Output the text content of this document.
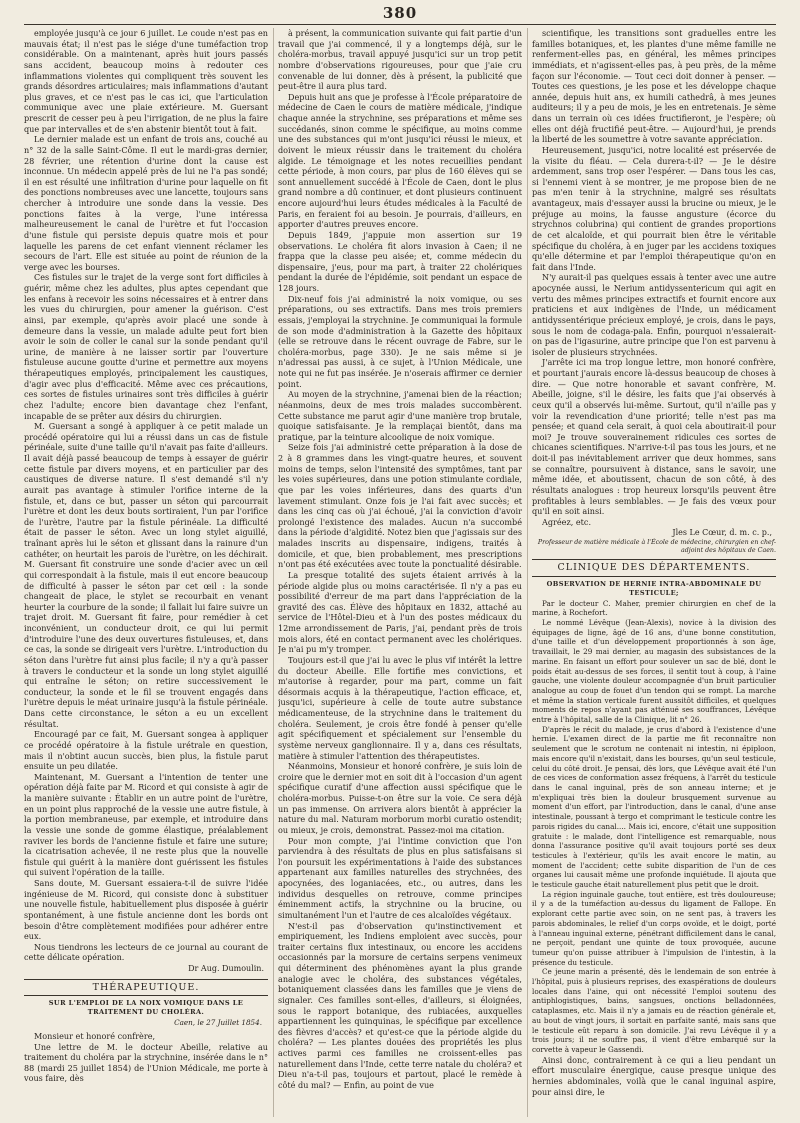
380

employée jusqu'à ce jour 6 juillet. Le coude n'est pas en mauvais état; il n'est pas le siége d'une tuméfaction trop considérable. On a maintenant, après huit jours passés sans accident, beaucoup moins à redouter ces inflammations violentes qui compliquent très souvent les grands désordres articulaires; mais inflammations d'autant plus graves, et ce n'est pas le cas ici, que l'articulation communique avec une plaie extérieure. M. Guersant prescrit de cesser peu à peu l'irrigation, de ne plus la faire que par intervalles et de s'en abstenir bientôt tout à fait.

Le dernier malade est un enfant de trois ans, couché au n° 32 de la salle Saint-Côme. Il eut le mardi-gras dernier, 28 février, une rétention d'urine dont la cause est inconnue. Un médecin appelé près de lui ne l'a pas sondé; il en est résulté une infiltration d'urine pour laquelle on fit des ponctions nombreuses avec une lancette, toujours sans chercher à introduire une sonde dans la vessie. Des ponctions faites à la verge, l'une intéressa malheureusement le canal de l'urètre et fut l'occasion d'une fistule qui persiste depuis quatre mois et pour laquelle les parens de cet enfant viennent réclamer les secours de l'art. Elle est située au point de réunion de la verge avec les bourses.

Ces fistules sur le trajet de la verge sont fort difficiles à guérir, même chez les adultes, plus aptes cependant que les enfans à recevoir les soins nécessaires et à entrer dans les vues du chirurgien, pour amener la guérison. C'est ainsi, par exemple, qu'après avoir placé une sonde à demeure dans la vessie, un malade adulte peut fort bien avoir le soin de coller le canal sur la sonde pendant qu'il urine, de manière à ne laisser sortir par l'ouverture fistuleuse aucune goutte d'urine et permettre aux moyens thérapeutiques employés, principalement les caustiques, d'agir avec plus d'efficacité. Même avec ces précautions, ces sortes de fistules urinaires sont très difficiles à guérir chez l'adulte; encore bien davantage chez l'enfant, incapable de se prêter aux désirs du chirurgien.

M. Guersant a songé à appliquer à ce petit malade un procédé opératoire qui lui a réussi dans un cas de fistule périnéale, suite d'une taille qu'il n'avait pas faite d'ailleurs. Il avait déjà passé beaucoup de temps à essayer de guérir cette fistule par divers moyens, et en particulier par des caustiques de diverse nature. Il s'est demandé s'il n'y aurait pas avantage à stimuler l'orifice interne de la fistule, et, dans ce but, passer un séton qui parcourrait l'urètre et dont les deux bouts sortiraient, l'un par l'orifice de l'urètre, l'autre par la fistule périnéale. La difficulté était de passer le séton. Avec un long stylet aiguillé, traînant après lui le séton et glissant dans la rainure d'un cathéter, on heurtait les parois de l'urètre, on les déchirait. M. Guersant fit construire une sonde d'acier avec un œil qui correspondait à la fistule, mais il eut encore beaucoup de difficulté à passer le séton par cet œil : la sonde changeait de place, le stylet se recourbait en venant heurter la courbure de la sonde; il fallait lui faire suivre un trajet droit. M. Guersant fit faire, pour remédier à cet inconvénient, un conducteur droit, ce qui lui permit d'introduire l'une des deux ouvertures fistuleuses, et, dans ce cas, la sonde se dirigeait vers l'urètre. L'introduction du séton dans l'urètre fut ainsi plus facile; il n'y a qu'à passer à travers le conducteur et la sonde un long stylet aiguillé qui entraîne le séton; on retire successivement le conducteur, la sonde et le fil se trouvent engagés dans l'urètre depuis le méat urinaire jusqu'à la fistule périnéale. Dans cette circonstance, le séton a eu un excellent résultat.

Encouragé par ce fait, M. Guersant songea à appliquer ce procédé opératoire à la fistule urétrale en question, mais il n'obtint aucun succès, bien plus, la fistule parut ensuite un peu dilatée.

Maintenant, M. Guersant a l'intention de tenter une opération déjà faite par M. Ricord et qui consiste à agir de la manière suivante : Établir en un autre point de l'urètre, en un point plus rapproché de la vessie une autre fistule, à la portion membraneuse, par exemple, et introduire dans la vessie une sonde de gomme élastique, préalablement raviver les bords de l'ancienne fistule et faire une suture; la cicatrisation achevée, il ne reste plus que la nouvelle fistule qui guérit à la manière dont guérissent les fistules qui suivent l'opération de la taille.

Sans doute, M. Guersant essaiera-t-il de suivre l'idée ingénieuse de M. Ricord, qui consiste donc à substituer une nouvelle fistule, habituellement plus disposée à guérir spontanément, à une fistule ancienne dont les bords ont besoin d'être complètement modifiées pour adhérer entre eux.

Nous tiendrons les lecteurs de ce journal au courant de cette délicate opération.

Dr Aug. Dumoulin.
THÉRAPEUTIQUE.
SUR L'EMPLOI DE LA NOIX VOMIQUE DANS LE TRAITEMENT DU CHOLÉRA.
Caen, le 27 Juillet 1854.

Monsieur et honoré confrère,

Une lettre de M. le docteur Abeille, relative au traitement du choléra par la strychnine, insérée dans le n° 88 (mardi 25 juillet 1854) de l'Union Médicale, me porte à vous faire, dès

à présent, la communication suivante qui fait partie d'un travail que j'ai commencé, il y a longtemps déjà, sur le choléra-morbus, travail appuyé jusqu'ici sur un trop petit nombre d'observations rigoureuses, pour que j'aie cru convenable de lui donner, dès à présent, la publicité que peut-être il aura plus tard.

Depuis huit ans que je professe à l'École préparatoire de médecine de Caen le cours de matière médicale, j'indique chaque année la strychnine, ses préparations et même ses succédanés, sinon comme le spécifique, au moins comme une des substances qui m'ont jusqu'ici réussi le mieux, et doivent le mieux réussir dans le traitement du choléra algide. Le témoignage et les notes recueillies pendant cette période, à mon cours, par plus de 160 élèves qui se sont annuellement succédé à l'École de Caen, dont le plus grand nombre a dû continuer, et dont plusieurs continuent encore aujourd'hui leurs études médicales à la Faculté de Paris, en feraient foi au besoin. Je pourrais, d'ailleurs, en apporter d'autres preuves encore.

Depuis 1849, j'appuie mon assertion sur 19 observations. Le choléra fit alors invasion à Caen; il ne frappa que la classe peu aisée; et, comme médecin du dispensaire, j'eus, pour ma part, à traiter 22 cholériques pendant la durée de l'épidémie, soit pendant un espace de 128 jours.

Dix-neuf fois j'ai administré la noix vomique, ou ses préparations, ou ses extractifs. Dans mes trois premiers essais, j'employai la strychnine. Je communiquai la formule de son mode d'administration à la Gazette des hôpitaux (elle se retrouve dans le récent ouvrage de Fabre, sur le choléra-morbus, page 330). Je ne sais même si je n'adressai pas aussi, à ce sujet, à l'Union Médicale, une note qui ne fut pas insérée. Je n'oserais affirmer ce dernier point.

Au moyen de la strychnine, j'amenai bien de la réaction; néanmoins, deux de mes trois malades succombèrent. Cette substance me parut agir d'une manière trop brutale, quoique satisfaisante. Je la remplaçai bientôt, dans ma pratique, par la teinture alcoolique de noix vomique.

Seize fois j'ai administré cette préparation à la dose de 2 à 8 grammes dans les vingt-quatre heures, et souvent moins de temps, selon l'intensité des symptômes, tant par les voies supérieures, dans une potion stimulante cordiale, que par les voies inférieures, dans des quarts d'un lavement stimulant. Onze fois je l'ai fait avec succès; et dans les cinq cas où j'ai échoué, j'ai la conviction d'avoir prolongé l'existence des malades. Aucun n'a succombé dans la période d'algidité. Notez bien que j'agissais sur des malades inscrits au dispensaire, indigens, traités à domicile, et que, bien probablement, mes prescriptions n'ont pas été exécutées avec toute la ponctualité désirable.

La presque totalité des sujets étaient arrivés à la période algide plus ou moins caractérisée. Il n'y a pas eu possibilité d'erreur de ma part dans l'appréciation de la gravité des cas. Élève des hôpitaux en 1832, attaché au service de l'Hôtel-Dieu et à l'un des postes médicaux du 12me arrondissement de Paris, j'ai, pendant près de trois mois alors, été en contact permanent avec les cholériques. Je n'ai pu m'y tromper.

Toujours est-il que j'ai lu avec le plus vif intérêt la lettre du docteur Abeille. Elle fortifie mes convictions, et m'autorise à regarder, pour ma part, comme un fait désormais acquis à la thérapeutique, l'action efficace, et, jusqu'ici, supérieure à celle de toute autre substance médicamenteuse, de la strychnine dans le traitement du choléra. Seulement, je crois être fondé à penser qu'elle agit spécifiquement et spécialement sur l'ensemble du système nerveux ganglionnaire. Il y a, dans ces résultats, matière à stimuler l'attention des thérapeutistes.

Néanmoins, Monsieur et honoré confrère, je suis loin de croire que le dernier mot en soit dit à l'occasion d'un agent spécifique curatif d'une affection aussi spécifique que le choléra-morbus. Puisse-t-on être sur la voie. Ce sera déjà un pas immense. On arrivera alors bientôt à apprécier la nature du mal. Naturam morborum morbi curatio ostendit; ou mieux, je crois, demonstrat. Passez-moi ma citation.

Pour mon compte, j'ai l'intime conviction que l'on parviendra à des résultats de plus en plus satisfaisans si l'on poursuit les expérimentations à l'aide des substances appartenant aux familles naturelles des strychnées, des apocynées, des loganiacées, etc., ou autres, dans les individus desquelles on retrouve, comme principes éminemment actifs, la strychnine ou la brucine, ou simultanément l'un et l'autre de ces alcaloïdes végétaux.

N'est-il pas d'observation qu'instinctivement et empiriquement, les Indiens emploient avec succès, pour traiter certains flux intestinaux, ou encore les accidens occasionnés par la morsure de certains serpens venimeux qui déterminent des phénomènes ayant la plus grande analogie avec le choléra, des substances végétales, botaniquement classées dans les familles que je viens de signaler. Ces familles sont-elles, d'ailleurs, si éloignées, sous le rapport botanique, des rubiacées, auxquelles appartiennent les quinquinas, le spécifique par excellence des fièvres d'accès? et qu'est-ce que la période algide du choléra? — Les plantes douées des propriétés les plus actives parmi ces familles ne croissent-elles pas naturellement dans l'Inde, cette terre natale du choléra? et Dieu n'a-t-il pas, toujours et partout, placé le remède à côté du mal? — Enfin, au point de vue

scientifique, les transitions sont graduelles entre les familles botaniques, et, les plantes d'une même famille ne renferment-elles pas, en général, les mêmes principes immédiats, et n'agissent-elles pas, à peu près, de la même façon sur l'économie. — Tout ceci doit donner à penser. — Toutes ces questions, je les pose et les développe chaque année, depuis huit ans, ex humili cathedrâ, à mes jeunes auditeurs; il y a peu de mois, je les en entretenais. Je sème dans un terrain où ces idées fructifieront, je l'espère; où elles ont déjà fructifié peut-être. — Aujourd'hui, je prends la liberté de les soumettre à votre savante appréciation.

Heureusement, jusqu'ici, notre localité est préservée de la visite du fléau. — Cela durera-t-il? — Je le désire ardemment, sans trop oser l'espérer. — Dans tous les cas, si l'ennemi vient à se montrer, je me propose bien de ne pas m'en tenir à la strychnine, malgré ses résultats avantageux, mais d'essayer aussi la brucine ou mieux, je le préjuge au moins, la fausse angusture (écorce du strychnos colubrina) qui contient de grandes proportions de cet alcaloïde, et qui pourrait bien être le véritable spécifique du choléra, à en juger par les accidens toxiques qu'elle détermine et par l'emploi thérapeutique qu'on en fait dans l'Inde.

N'y aurait-il pas quelques essais à tenter avec une autre apocynée aussi, le Nerium antidyssentericum qui agit en vertu des mêmes principes extractifs et fournit encore aux praticiens et aux indigènes de l'Inde, un médicament antidyssentérique précieux employé, je crois, dans le pays, sous le nom de codaga-pala. Enfin, pourquoi n'essaierait-on pas de l'igasurine, autre principe que l'on est parvenu à isoler de plusieurs strychnées.

J'arrête ici ma trop longue lettre, mon honoré confrère, et pourtant j'aurais encore là-dessus beaucoup de choses à dire. — Que notre honorable et savant confrère, M. Abeille, joigne, s'il le désire, les faits que j'ai observés à ceux qu'il a observés lui-même. Surtout, qu'il n'aille pas y voir la revendication d'une priorité; telle n'est pas ma pensée; et quand cela serait, à quoi cela aboutirait-il pour moi? Je trouve souverainement ridicules ces sortes de chicanes scientifiques. N'arrive-t-il pas tous les jours, et ne doit-il pas inévitablement arriver que deux hommes, sans se connaître, poursuivent à distance, sans le savoir, une même idée, et aboutissent, chacun de son côté, à des résultats analogues : trop heureux lorsqu'ils peuvent être profitables à leurs semblables. — Je fais des vœux pour qu'il en soit ainsi.

Agréez, etc.

Jles Le Cœur, d. m. c. p.,
Professeur de matière médicale à l'École de médecine, chirurgien en chef-adjoint des hôpitaux de Caen.
CLINIQUE DES DÉPARTEMENTS.
OBSERVATION DE HERNIE INTRA-ABDOMINALE DU TESTICULE;
Par le docteur C. Maher, premier chirurgien en chef de la marine, à Rochefort.

Le nommé Lévêque (Jean-Alexis), novice à la division des équipages de ligne, âgé de 16 ans, d'une bonne constitution, d'une taille et d'un développement proportionnés à son âge, travaillait, le 29 mai dernier, au magasin des subsistances de la marine. En faisant un effort pour soulever un sac de blé, dont le poids était au-dessus de ses forces, il sentit tout à coup, à l'aine gauche, une violente douleur accompagnée d'un bruit particulier analogue au coup de fouet d'un tendon qui se rompt. La marche et même la station verticale furent aussitôt difficiles, et quelques moments de repos n'ayant pas atténué ses souffrances, Lévêque entre à l'hôpital, salle de la Clinique, lit n° 26.

D'après le récit du malade, je crus d'abord à l'existence d'une hernie. L'examen direct de la partie me fit reconnaître non seulement que le scrotum ne contenait ni intestin, ni épiploon, mais encore qu'il n'existait, dans les bourses, qu'un seul testicule, celui du côté droit. Je pensai, dès lors, que Lévêque avait été l'un de ces vices de conformation assez fréquens, à l'arrêt du testicule dans le canal inguinal, près de son anneau interne; et je m'expliquai très bien la douleur brusquement survenue au moment d'un effort, par l'introduction, dans le canal, d'une anse intestinale, poussant à tergo et comprimant le testicule contre les parois rigides du canal.... Mais ici, encore, c'était une supposition gratuite : le malade, dont l'intelligence est remarquable, nous donna l'assurance positive qu'il avait toujours porté ses deux testicules à l'extérieur, qu'ils les avait encore le matin, au moment de l'accident; cette subite disparition de l'un de ces organes lui causait même une profonde inquiétude. Il ajouta que le testicule gauche était naturellement plus petit que le droit.

La région inguinale gauche, tout entière, est très douloureuse; il y a de la tuméfaction au-dessus du ligament de Fallope. En explorant cette partie avec soin, on ne sent pas, à travers les parois abdominales, le relief d'un corps ovoïde, et le doigt, porté à l'anneau inguinal externe, pénétrant difficilement dans le canal, ne perçoit, pendant une quinte de toux provoquée, aucune tumeur qu'on puisse attribuer à l'impulsion de l'intestin, à la présence du testicule.

Ce jeune marin a présenté, dès le lendemain de son entrée à l'hôpital, puis à plusieurs reprises, des exaspérations de douleurs locales dans l'aine, qui ont nécessité l'emploi soutenu des antiphlogistiques, bains, sangsues, onctions belladonnées, cataplasmes, etc. Mais il n'y a jamais eu de réaction générale et, au bout de vingt jours, il sortait en parfaite santé, mais sans que le testicule eût reparu à son domicile. J'ai revu Lévêque il y a trois jours; il ne souffre pas, il vient d'être embarqué sur la corvette à vapeur le Gassendi.

Ainsi donc, contrairement à ce qui a lieu pendant un effort musculaire énergique, cause presque unique des hernies abdominales, voilà que le canal inguinal aspire, pour ainsi dire, le
